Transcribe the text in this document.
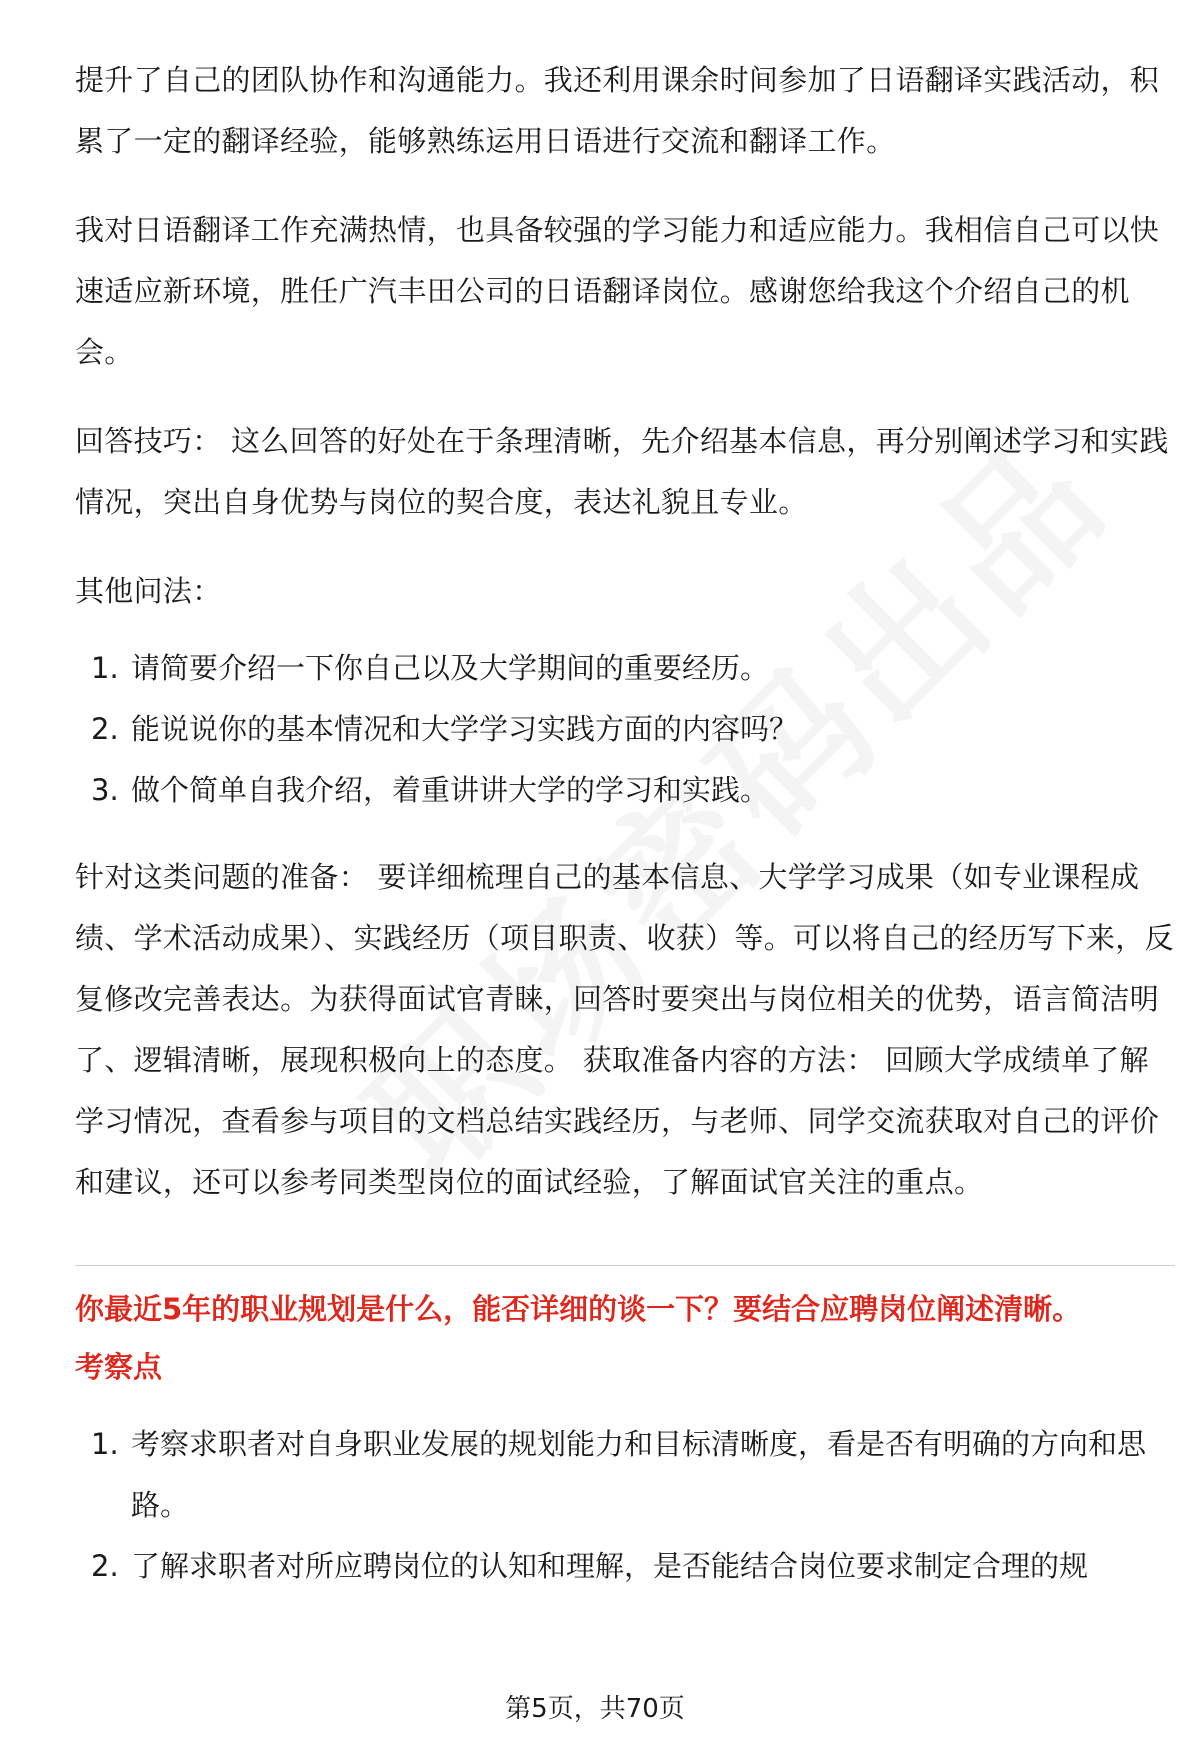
提升了自己的团队协作和沟通能力。我还利用课余时间参加了日语翻译实践活动，积累了一定的翻译经验，能够熟练运用日语进行交流和翻译工作。

我对日语翻译工作充满热情，也具备较强的学习能力和适应能力。我相信自己可以快速适应新环境，胜任广汽丰田公司的日语翻译岗位。感谢您给我这个介绍自己的机会。

回答技巧： 这么回答的好处在于条理清晰，先介绍基本信息，再分别阐述学习和实践情况，突出自身优势与岗位的契合度，表达礼貌且专业。

其他问法：

1. 请简要介绍一下你自己以及大学期间的重要经历。
2. 能说说你的基本情况和大学学习实践方面的内容吗？
3. 做个简单自我介绍，着重讲讲大学的学习和实践。

针对这类问题的准备： 要详细梳理自己的基本信息、大学学习成果（如专业课程成绩、学术活动成果）、实践经历（项目职责、收获）等。可以将自己的经历写下来，反复修改完善表达。为获得面试官青睐，回答时要突出与岗位相关的优势，语言简洁明了、逻辑清晰，展现积极向上的态度。 获取准备内容的方法： 回顾大学成绩单了解学习情况，查看参与项目的文档总结实践经历，与老师、同学交流获取对自己的评价和建议，还可以参考同类型岗位的面试经验，了解面试官关注的重点。

你最近5年的职业规划是什么，能否详细的谈一下？要结合应聘岗位阐述清晰。

考察点

1. 考察求职者对自身职业发展的规划能力和目标清晰度，看是否有明确的方向和思路。
2. 了解求职者对所应聘岗位的认知和理解，是否能结合岗位要求制定合理的规
第5页，共70页
